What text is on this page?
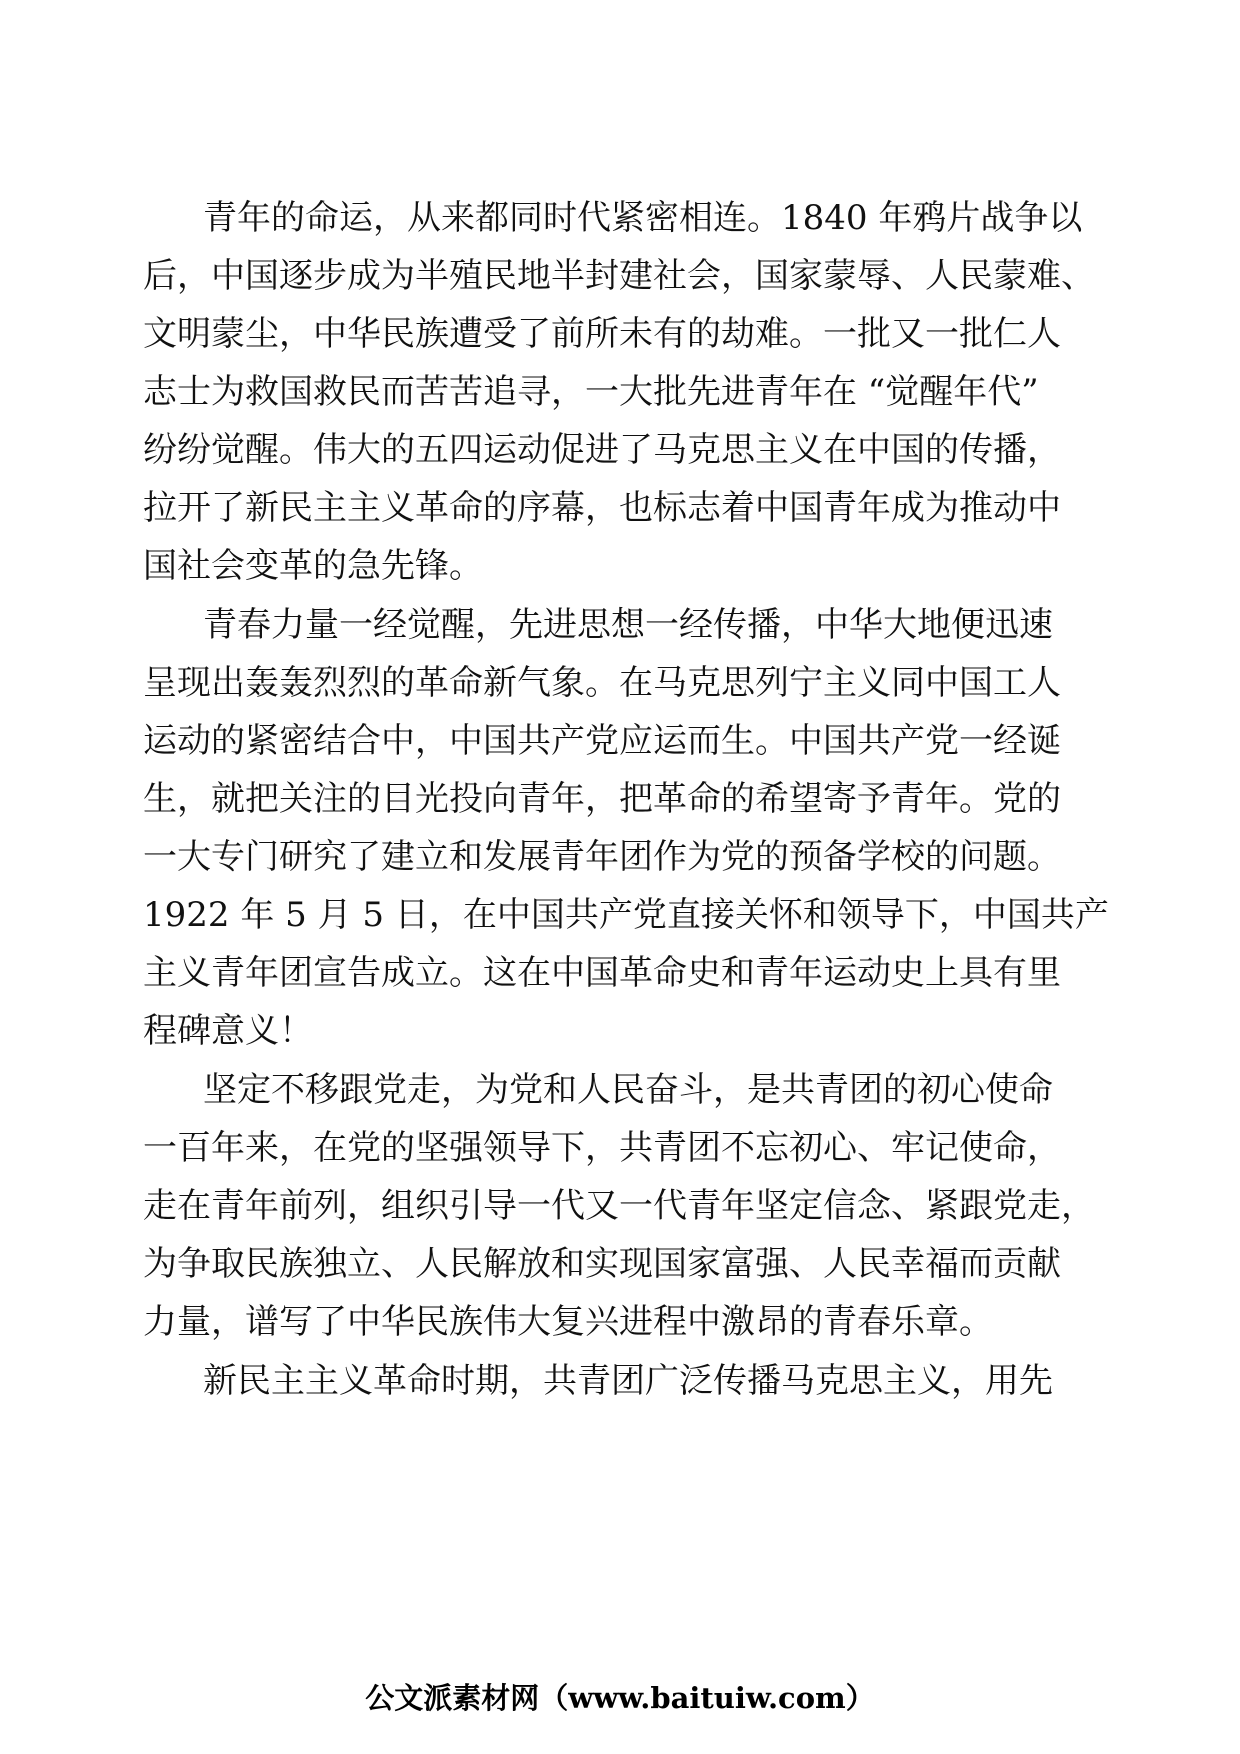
青年的命运，从来都同时代紧密相连。1840 年鸦片战争以
后，中国逐步成为半殖民地半封建社会，国家蒙辱、人民蒙难、
文明蒙尘，中华民族遭受了前所未有的劫难。一批又一批仁人
志士为救国救民而苦苦追寻，一大批先进青年在 “觉醒年代”
纷纷觉醒。伟大的五四运动促进了马克思主义在中国的传播，
拉开了新民主主义革命的序幕，也标志着中国青年成为推动中
国社会变革的急先锋。
青春力量一经觉醒，先进思想一经传播，中华大地便迅速
呈现出轰轰烈烈的革命新气象。在马克思列宁主义同中国工人
运动的紧密结合中，中国共产党应运而生。中国共产党一经诞
生，就把关注的目光投向青年，把革命的希望寄予青年。党的
一大专门研究了建立和发展青年团作为党的预备学校的问题。
1922 年 5 月 5 日，在中国共产党直接关怀和领导下，中国共产
主义青年团宣告成立。这在中国革命史和青年运动史上具有里
程碑意义！
坚定不移跟党走，为党和人民奋斗，是共青团的初心使命
一百年来，在党的坚强领导下，共青团不忘初心、牢记使命，
走在青年前列，组织引导一代又一代青年坚定信念、紧跟党走，
为争取民族独立、人民解放和实现国家富强、人民幸福而贡献
力量，谱写了中华民族伟大复兴进程中激昂的青春乐章。
新民主主义革命时期，共青团广泛传播马克思主义，用先
公文派素材网（www.baituiw.com）
